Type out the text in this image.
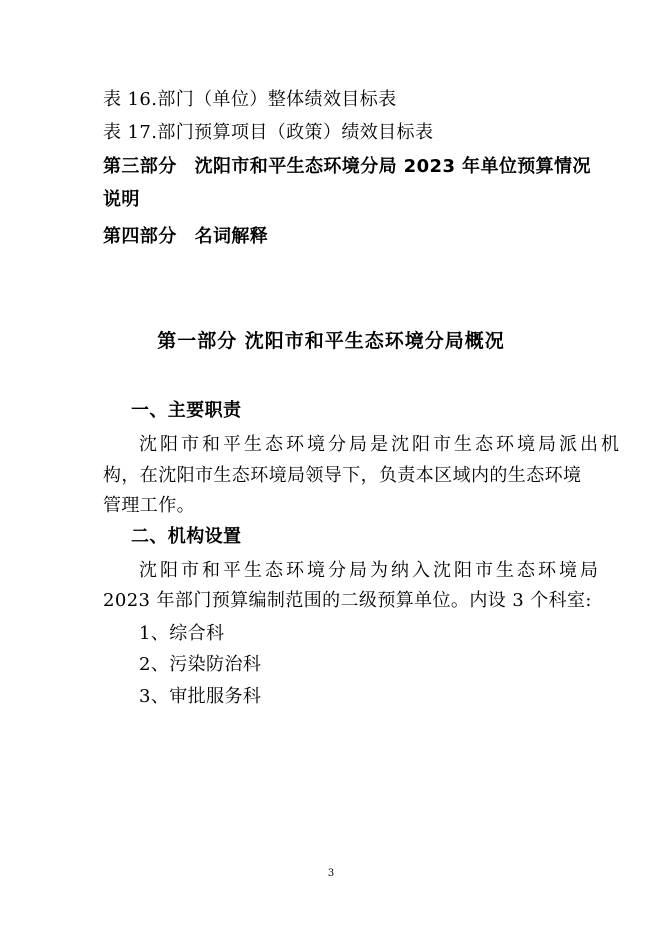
表 16.部门（单位）整体绩效目标表
表 17.部门预算项目（政策）绩效目标表
第三部分 沈阳市和平生态环境分局 2023 年单位预算情况
说明
第四部分 名词解释
第一部分 沈阳市和平生态环境分局概况
一、主要职责
沈阳市和平生态环境分局是沈阳市生态环境局派出机
构，在沈阳市生态环境局领导下，负责本区域内的生态环境
管理工作。
二、机构设置
沈阳市和平生态环境分局为纳入沈阳市生态环境局
2023 年部门预算编制范围的二级预算单位。内设 3 个科室:
1、综合科
2、污染防治科
3、审批服务科
3
